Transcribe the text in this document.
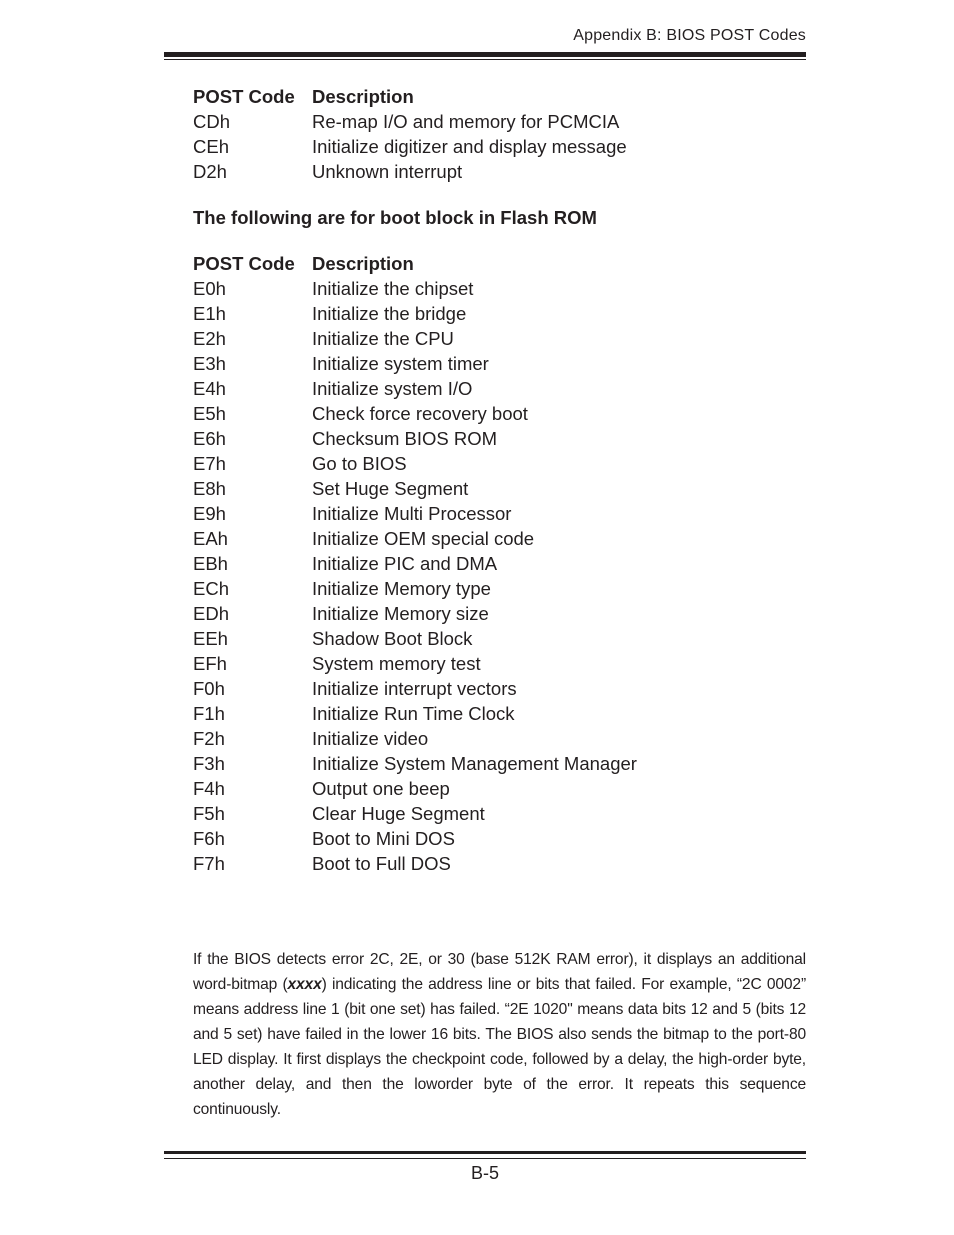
Appendix B: BIOS POST Codes
POST Code Description
CDh	Re-map I/O and memory for PCMCIA
CEh	Initialize digitizer and display message
D2h	Unknown interrupt
The following are for boot block in Flash ROM
POST Code Description
E0h	Initialize the chipset
E1h	Initialize the bridge
E2h	Initialize the CPU
E3h	Initialize system timer
E4h	Initialize system I/O
E5h	Check force recovery boot
E6h	Checksum BIOS ROM
E7h	Go to BIOS
E8h	Set Huge Segment
E9h	Initialize Multi Processor
EAh	Initialize OEM special code
EBh	Initialize PIC and DMA
ECh	Initialize Memory type
EDh	Initialize Memory size
EEh	Shadow Boot Block
EFh	System memory test
F0h	Initialize interrupt vectors
F1h	Initialize Run Time Clock
F2h	Initialize video
F3h	Initialize System Management Manager
F4h	Output one beep
F5h	Clear Huge Segment
F6h	Boot to Mini DOS
F7h	Boot to Full DOS
If the BIOS detects error 2C, 2E, or 30 (base 512K RAM error), it displays an additional word-bitmap (xxxx) indicating the address line or bits that failed. For example, “2C 0002” means address line 1 (bit one set) has failed. “2E 1020" means data bits 12 and 5 (bits 12 and 5 set) have failed in the lower 16 bits. The BIOS also sends the bitmap to the port-80 LED display. It first displays the checkpoint code, followed by a delay, the high-order byte, another delay, and then the loworder byte of the error. It repeats this sequence continuously.
B-5
